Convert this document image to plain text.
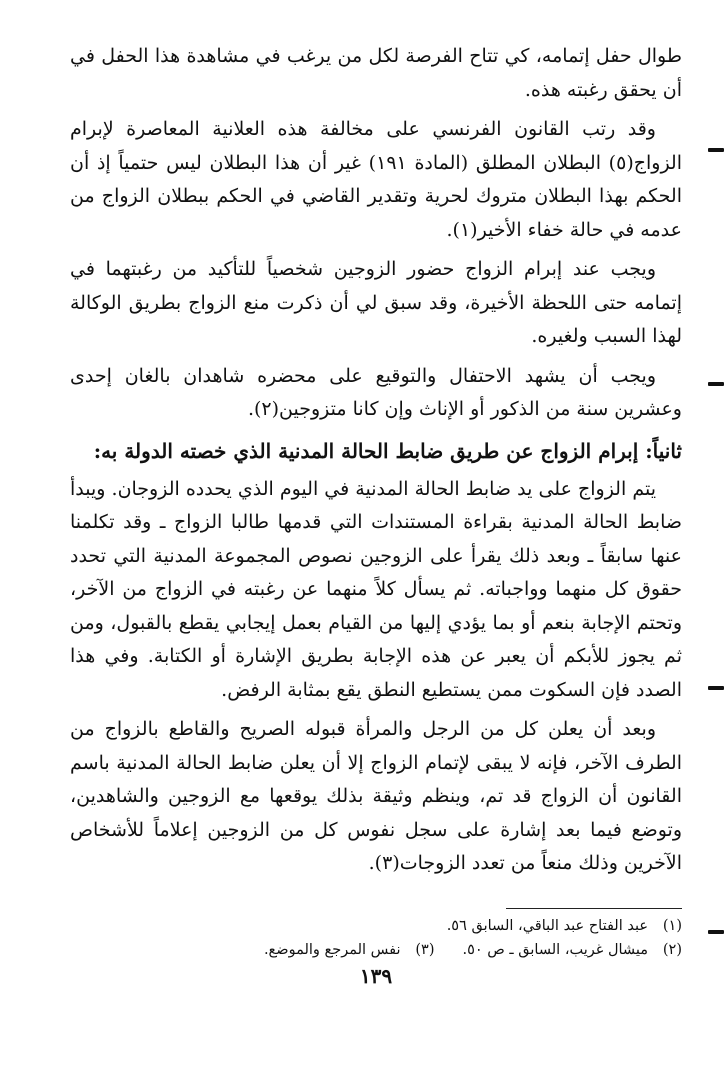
طوال حفل إتمامه، كي تتاح الفرصة لكل من يرغب في مشاهدة هذا الحفل في أن يحقق رغبته هذه.

وقد رتب القانون الفرنسي على مخالفة هذه العلانية المعاصرة لإبرام الزواج(٥) البطلان المطلق (المادة ١٩١) غير أن هذا البطلان ليس حتمياً إذ أن الحكم بهذا البطلان متروك لحرية وتقدير القاضي في الحكم ببطلان الزواج من عدمه في حالة خفاء الأخير(١).

ويجب عند إبرام الزواج حضور الزوجين شخصياً للتأكيد من رغبتهما في إتمامه حتى اللحظة الأخيرة، وقد سبق لي أن ذكرت منع الزواج بطريق الوكالة لهذا السبب ولغيره.

ويجب أن يشهد الاحتفال والتوقيع على محضره شاهدان بالغان إحدى وعشرين سنة من الذكور أو الإناث وإن كانا متزوجين(٢).

ثانياً: إبرام الزواج عن طريق ضابط الحالة المدنية الذي خصته الدولة به:

يتم الزواج على يد ضابط الحالة المدنية في اليوم الذي يحدده الزوجان. ويبدأ ضابط الحالة المدنية بقراءة المستندات التي قدمها طالبا الزواج ـ وقد تكلمنا عنها سابقاً ـ وبعد ذلك يقرأ على الزوجين نصوص المجموعة المدنية التي تحدد حقوق كل منهما وواجباته. ثم يسأل كلاً منهما عن رغبته في الزواج من الآخر، وتحتم الإجابة بنعم أو بما يؤدي إليها من القيام بعمل إيجابي يقطع بالقبول، ومن ثم يجوز للأبكم أن يعبر عن هذه الإجابة بطريق الإشارة أو الكتابة. وفي هذا الصدد فإن السكوت ممن يستطيع النطق يقع بمثابة الرفض.

وبعد أن يعلن كل من الرجل والمرأة قبوله الصريح والقاطع بالزواج من الطرف الآخر، فإنه لا يبقى لإتمام الزواج إلا أن يعلن ضابط الحالة المدنية باسم القانون أن الزواج قد تم، وينظم وثيقة بذلك يوقعها مع الزوجين والشاهدين، وتوضع فيما بعد إشارة على سجل نفوس كل من الزوجين إعلاماً للأشخاص الآخرين وذلك منعاً من تعدد الزوجات(٣).

(١)
عبد الفتاح عبد الباقي، السابق ٥٦.
(٢)
ميشال غريب، السابق ـ ص ٥٠.
(٣)
نفس المرجع والموضع.
١٣٩
